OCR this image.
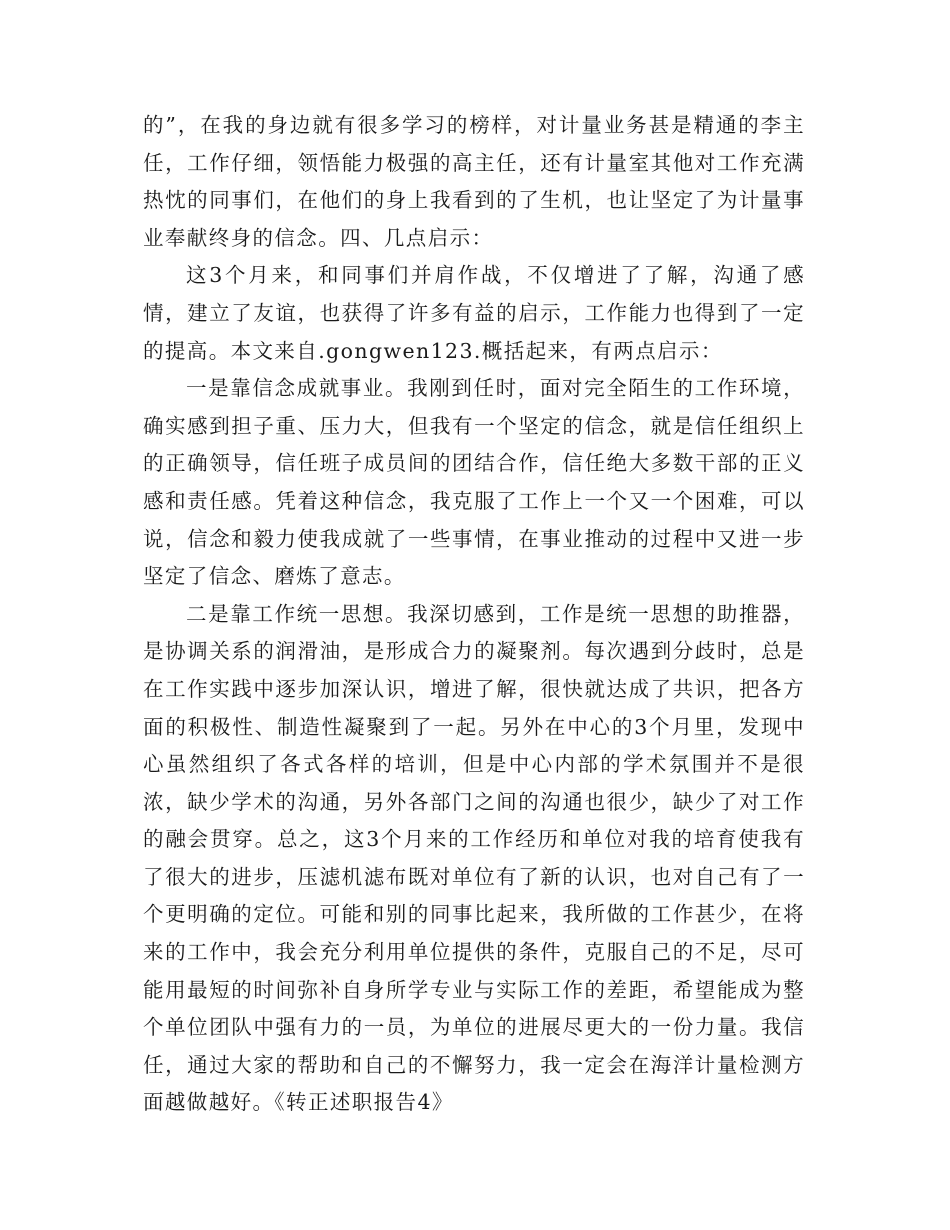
的”，在我的身边就有很多学习的榜样，对计量业务甚是精通的李主任，工作仔细，领悟能力极强的高主任，还有计量室其他对工作充满热忱的同事们，在他们的身上我看到的了生机，也让坚定了为计量事业奉献终身的信念。四、几点启示：

这3个月来，和同事们并肩作战，不仅增进了了解，沟通了感情，建立了友谊，也获得了许多有益的启示，工作能力也得到了一定的提高。本文来自.gongwen123.概括起来，有两点启示：

一是靠信念成就事业。我刚到任时，面对完全陌生的工作环境，确实感到担子重、压力大，但我有一个坚定的信念，就是信任组织上的正确领导，信任班子成员间的团结合作，信任绝大多数干部的正义感和责任感。凭着这种信念，我克服了工作上一个又一个困难，可以说，信念和毅力使我成就了一些事情，在事业推动的过程中又进一步坚定了信念、磨炼了意志。

二是靠工作统一思想。我深切感到，工作是统一思想的助推器，是协调关系的润滑油，是形成合力的凝聚剂。每次遇到分歧时，总是在工作实践中逐步加深认识，增进了解，很快就达成了共识，把各方面的积极性、制造性凝聚到了一起。另外在中心的3个月里，发现中心虽然组织了各式各样的培训，但是中心内部的学术氛围并不是很浓，缺少学术的沟通，另外各部门之间的沟通也很少，缺少了对工作的融会贯穿。总之，这3个月来的工作经历和单位对我的培育使我有了很大的进步，压滤机滤布既对单位有了新的认识，也对自己有了一个更明确的定位。可能和别的同事比起来，我所做的工作甚少，在将来的工作中，我会充分利用单位提供的条件，克服自己的不足，尽可能用最短的时间弥补自身所学专业与实际工作的差距，希望能成为整个单位团队中强有力的一员，为单位的进展尽更大的一份力量。我信任，通过大家的帮助和自己的不懈努力，我一定会在海洋计量检测方面越做越好。《转正述职报告4》
